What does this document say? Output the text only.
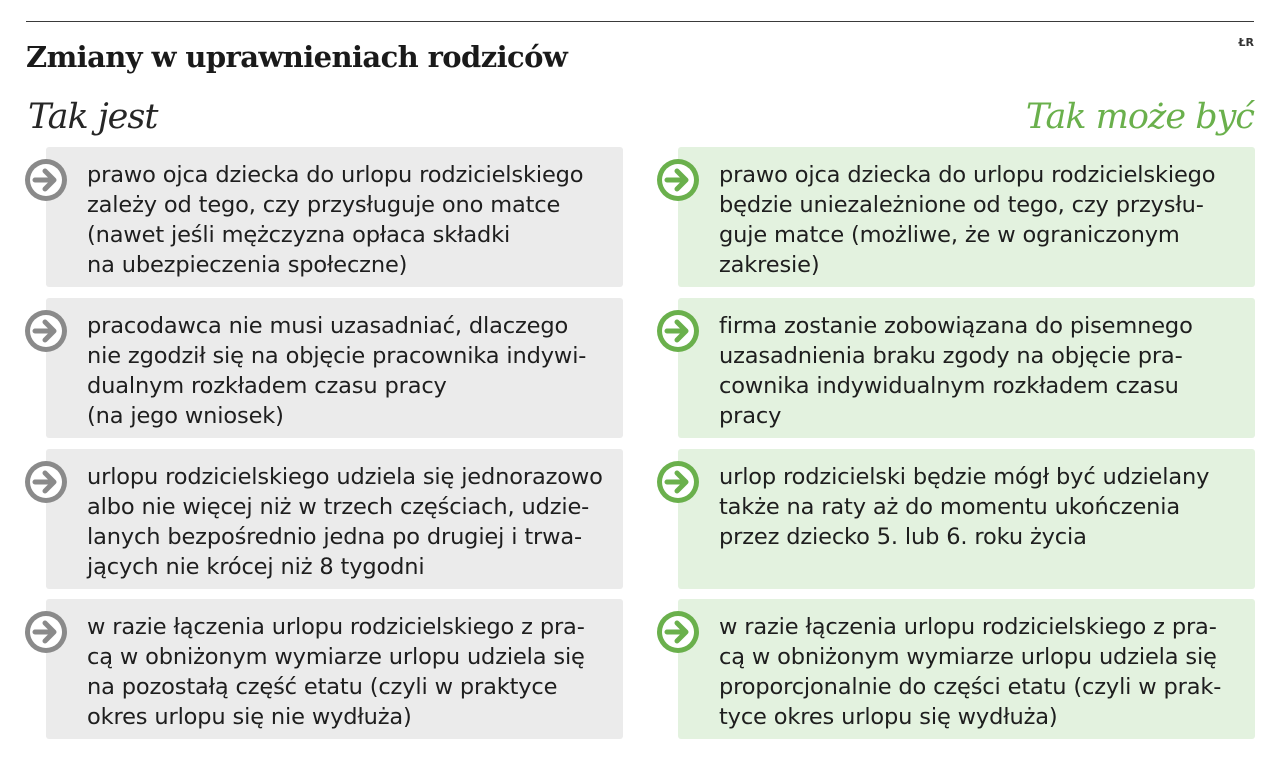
ŁR
Zmiany w uprawnieniach rodziców
Tak jest	Tak może być
prawo ojca dziecka do urlopu rodzicielskiego
zależy od tego, czy przysługuje ono matce
(nawet jeśli mężczyzna opłaca składki
na ubezpieczenia społeczne)
pracodawca nie musi uzasadniać, dlaczego
nie zgodził się na objęcie pracownika indywi-
dualnym rozkładem czasu pracy
(na jego wniosek)
urlopu rodzicielskiego udziela się jednorazowo
albo nie więcej niż w trzech częściach, udzie-
lanych bezpośrednio jedna po drugiej i trwa-
jących nie krócej niż 8 tygodni
w razie łączenia urlopu rodzicielskiego z pra-
cą w obniżonym wymiarze urlopu udziela się
na pozostałą część etatu (czyli w praktyce
okres urlopu się nie wydłuża)
prawo ojca dziecka do urlopu rodzicielskiego
będzie uniezależnione od tego, czy przysłu-
guje matce (możliwe, że w ograniczonym
zakresie)
firma zostanie zobowiązana do pisemnego
uzasadnienia braku zgody na objęcie pra-
cownika indywidualnym rozkładem czasu
pracy
urlop rodzicielski będzie mógł być udzielany
także na raty aż do momentu ukończenia
przez dziecko 5. lub 6. roku życia
w razie łączenia urlopu rodzicielskiego z pra-
cą w obniżonym wymiarze urlopu udziela się
proporcjonalnie do części etatu (czyli w prak-
tyce okres urlopu się wydłuża)
